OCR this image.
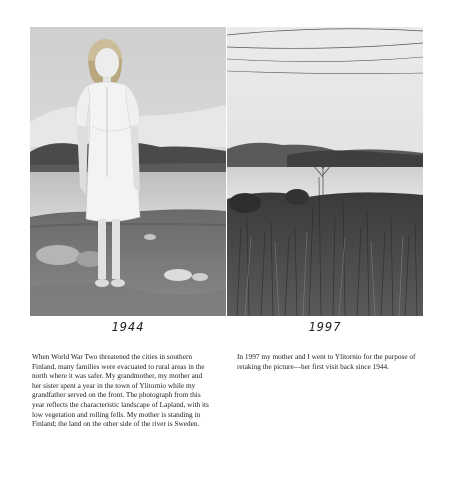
1944	1997
When World War Two threatened the cities in southern Finland, many families were evacuated to rural areas in the north where it was safer. My grandmother, my mother and her sister spent a year in the town of Ylitornio while my grandfather served on the front. The photograph from this year reflects the characteristic landscape of Lapland, with its low vegetation and rolling fells. My mother is standing in Finland; the land on the other side of the river is Sweden.
In 1997 my mother and I went to Ylitornio for the purpose of retaking the picture—her first visit back since 1944.
